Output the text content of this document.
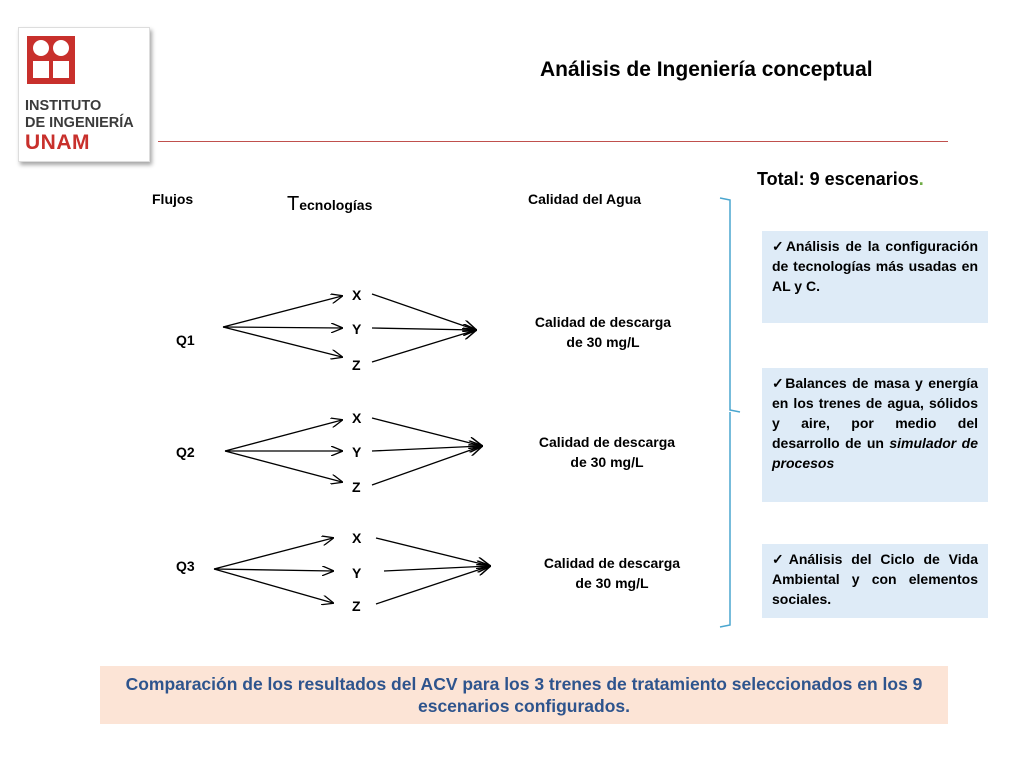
INSTITUTO
DE INGENIERÍA
UNAM
Análisis de Ingeniería conceptual
Total: 9 escenarios.
Flujos	Tecnologías	Calidad del Agua
Q1
X
Y
Z
Calidad de descarga
de 30 mg/L
Q2
X
Y
Z
Calidad de descarga
de 30 mg/L
Q3
X
Y
Z
Calidad de descarga
de 30 mg/L
✓Análisis de la configuración de tecnologías más usadas en AL y C.
✓Balances de masa y energía en los trenes de agua, sólidos y aire, por medio del desarrollo de un simulador de procesos
✓Análisis del Ciclo de Vida Ambiental y con elementos sociales.
Comparación de los resultados del ACV para los 3 trenes de tratamiento seleccionados en los 9 escenarios configurados.
